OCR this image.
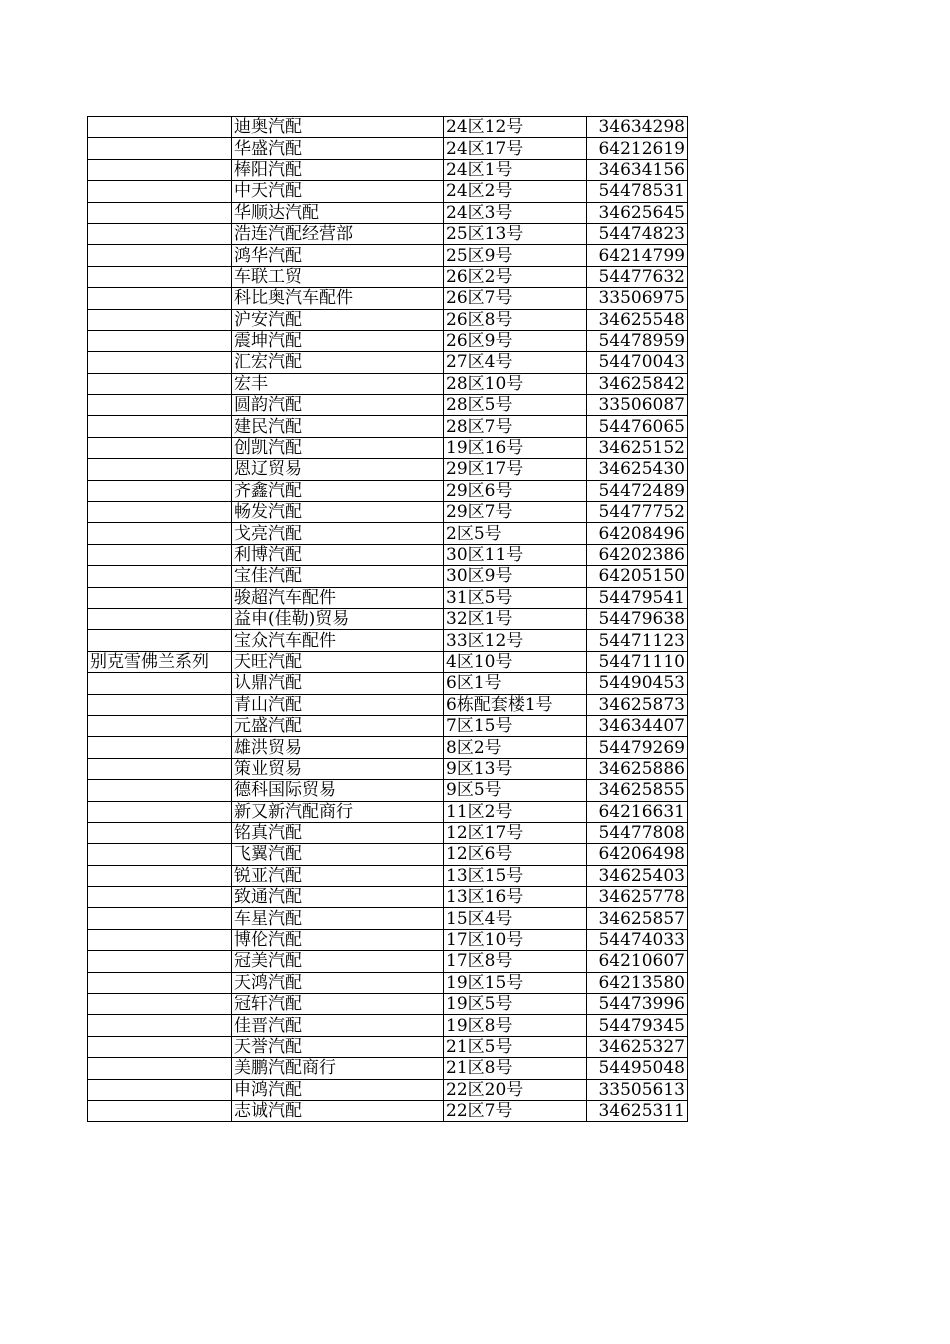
	迪奥汽配	24区12号	34634298
	华盛汽配	24区17号	64212619
	棒阳汽配	24区1号	34634156
	中天汽配	24区2号	54478531
	华顺达汽配	24区3号	34625645
	浩连汽配经营部	25区13号	54474823
	鸿华汽配	25区9号	64214799
	车联工贸	26区2号	54477632
	科比奥汽车配件	26区7号	33506975
	沪安汽配	26区8号	34625548
	震坤汽配	26区9号	54478959
	汇宏汽配	27区4号	54470043
	宏丰	28区10号	34625842
	圆韵汽配	28区5号	33506087
	建民汽配	28区7号	54476065
	创凯汽配	19区16号	34625152
	恩辽贸易	29区17号	34625430
	齐鑫汽配	29区6号	54472489
	畅发汽配	29区7号	54477752
	戈亮汽配	2区5号	64208496
	利博汽配	30区11号	64202386
	宝佳汽配	30区9号	64205150
	骏超汽车配件	31区5号	54479541
	益申(佳勒)贸易	32区1号	54479638
	宝众汽车配件	33区12号	54471123
别克雪佛兰系列	天旺汽配	4区10号	54471110
	认鼎汽配	6区1号	54490453
	青山汽配	6栋配套楼1号	34625873
	元盛汽配	7区15号	34634407
	雄洪贸易	8区2号	54479269
	策业贸易	9区13号	34625886
	德科国际贸易	9区5号	34625855
	新又新汽配商行	11区2号	64216631
	铭真汽配	12区17号	54477808
	飞翼汽配	12区6号	64206498
	锐亚汽配	13区15号	34625403
	致通汽配	13区16号	34625778
	车星汽配	15区4号	34625857
	博伦汽配	17区10号	54474033
	冠美汽配	17区8号	64210607
	天鸿汽配	19区15号	64213580
	冠轩汽配	19区5号	54473996
	佳晋汽配	19区8号	54479345
	天誉汽配	21区5号	34625327
	美鹏汽配商行	21区8号	54495048
	申鸿汽配	22区20号	33505613
	志诚汽配	22区7号	34625311
